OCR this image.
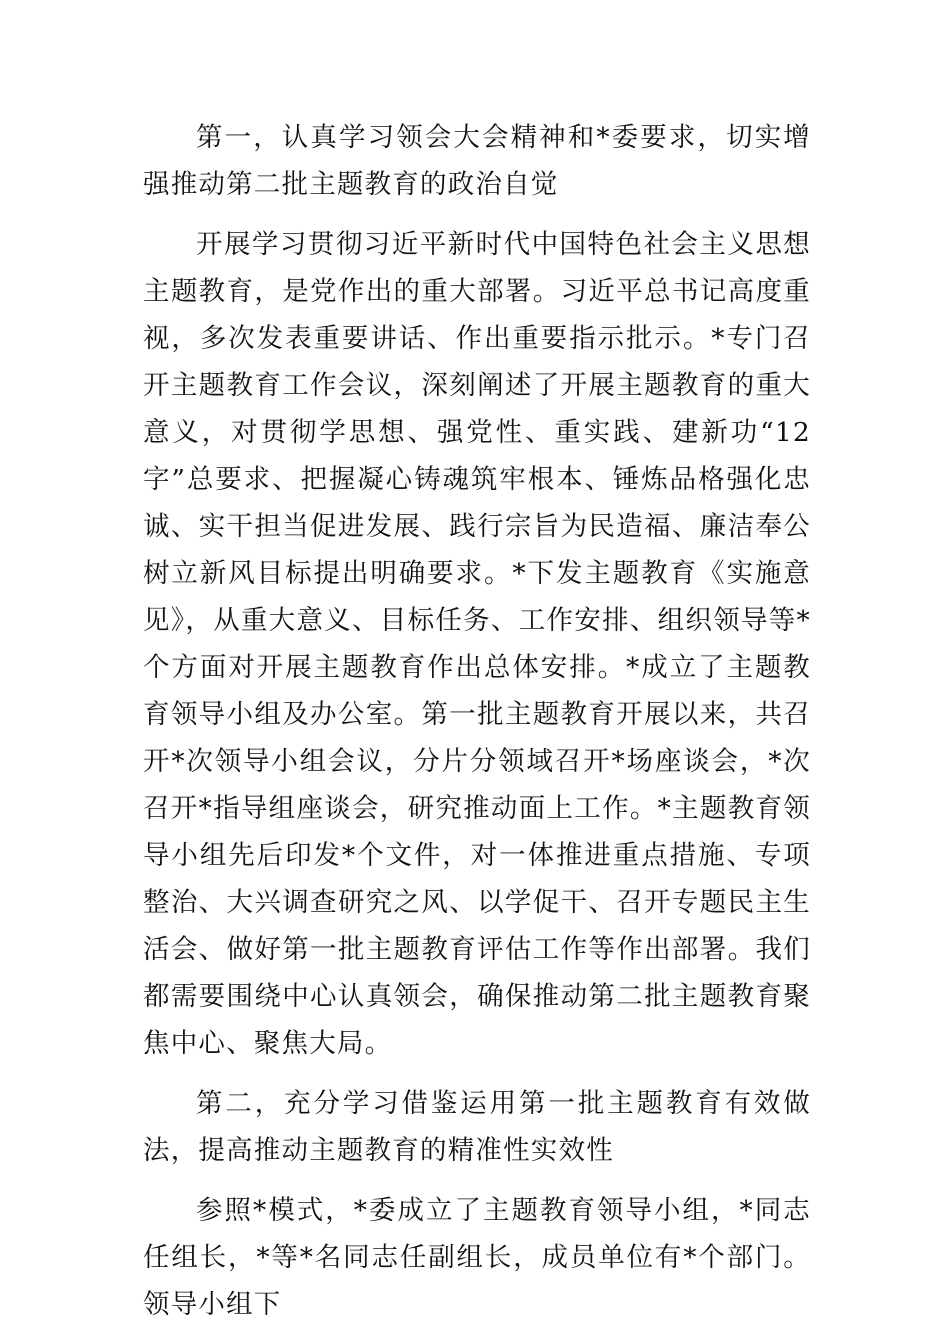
第一，认真学习领会大会精神和*委要求，切实增强推动第二批主题教育的政治自觉

开展学习贯彻习近平新时代中国特色社会主义思想主题教育，是党作出的重大部署。习近平总书记高度重视，多次发表重要讲话、作出重要指示批示。*专门召开主题教育工作会议，深刻阐述了开展主题教育的重大意义，对贯彻学思想、强党性、重实践、建新功“12字”总要求、把握凝心铸魂筑牢根本、锤炼品格强化忠诚、实干担当促进发展、践行宗旨为民造福、廉洁奉公树立新风目标提出明确要求。*下发主题教育《实施意见》，从重大意义、目标任务、工作安排、组织领导等*个方面对开展主题教育作出总体安排。*成立了主题教育领导小组及办公室。第一批主题教育开展以来，共召开*次领导小组会议，分片分领域召开*场座谈会，*次召开*指导组座谈会，研究推动面上工作。*主题教育领导小组先后印发*个文件，对一体推进重点措施、专项整治、大兴调查研究之风、以学促干、召开专题民主生活会、做好第一批主题教育评估工作等作出部署。我们都需要围绕中心认真领会，确保推动第二批主题教育聚焦中心、聚焦大局。

第二，充分学习借鉴运用第一批主题教育有效做法，提高推动主题教育的精准性实效性

参照*模式，*委成立了主题教育领导小组，*同志任组长，*等*名同志任副组长，成员单位有*个部门。领导小组下
